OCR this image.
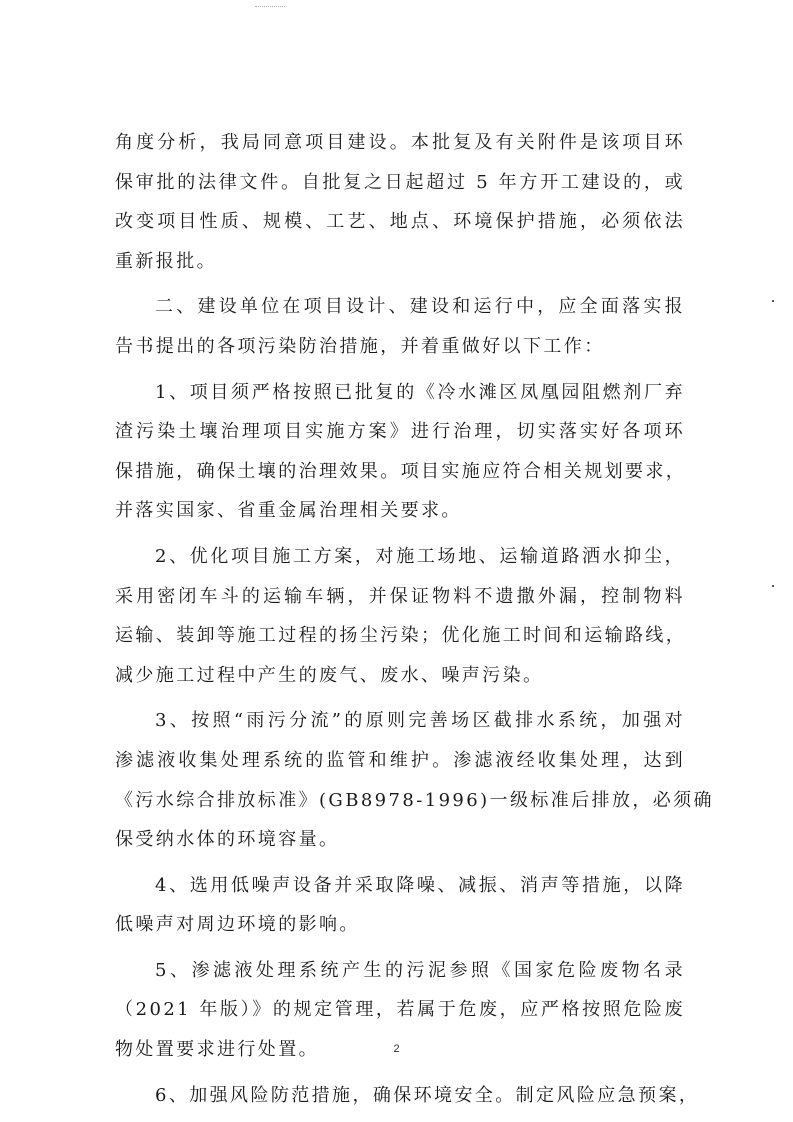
角度分析，我局同意项目建设。本批复及有关附件是该项目环
保审批的法律文件。自批复之日起超过 5 年方开工建设的，或
改变项目性质、规模、工艺、地点、环境保护措施，必须依法
重新报批。
二、建设单位在项目设计、建设和运行中，应全面落实报
告书提出的各项污染防治措施，并着重做好以下工作：
1、项目须严格按照已批复的《冷水滩区凤凰园阻燃剂厂弃
渣污染土壤治理项目实施方案》进行治理，切实落实好各项环
保措施，确保土壤的治理效果。项目实施应符合相关规划要求，
并落实国家、省重金属治理相关要求。
2、优化项目施工方案，对施工场地、运输道路洒水抑尘，
采用密闭车斗的运输车辆，并保证物料不遗撒外漏，控制物料
运输、装卸等施工过程的扬尘污染；优化施工时间和运输路线，
减少施工过程中产生的废气、废水、噪声污染。
3、按照“雨污分流”的原则完善场区截排水系统，加强对
渗滤液收集处理系统的监管和维护。渗滤液经收集处理，达到
《污水综合排放标准》(GB8978-1996)一级标准后排放，必须确
保受纳水体的环境容量。
4、选用低噪声设备并采取降噪、减振、消声等措施，以降
低噪声对周边环境的影响。
5、渗滤液处理系统产生的污泥参照《国家危险废物名录
（2021 年版）》的规定管理，若属于危废，应严格按照危险废
物处置要求进行处置。
6、加强风险防范措施，确保环境安全。制定风险应急预案，
2
